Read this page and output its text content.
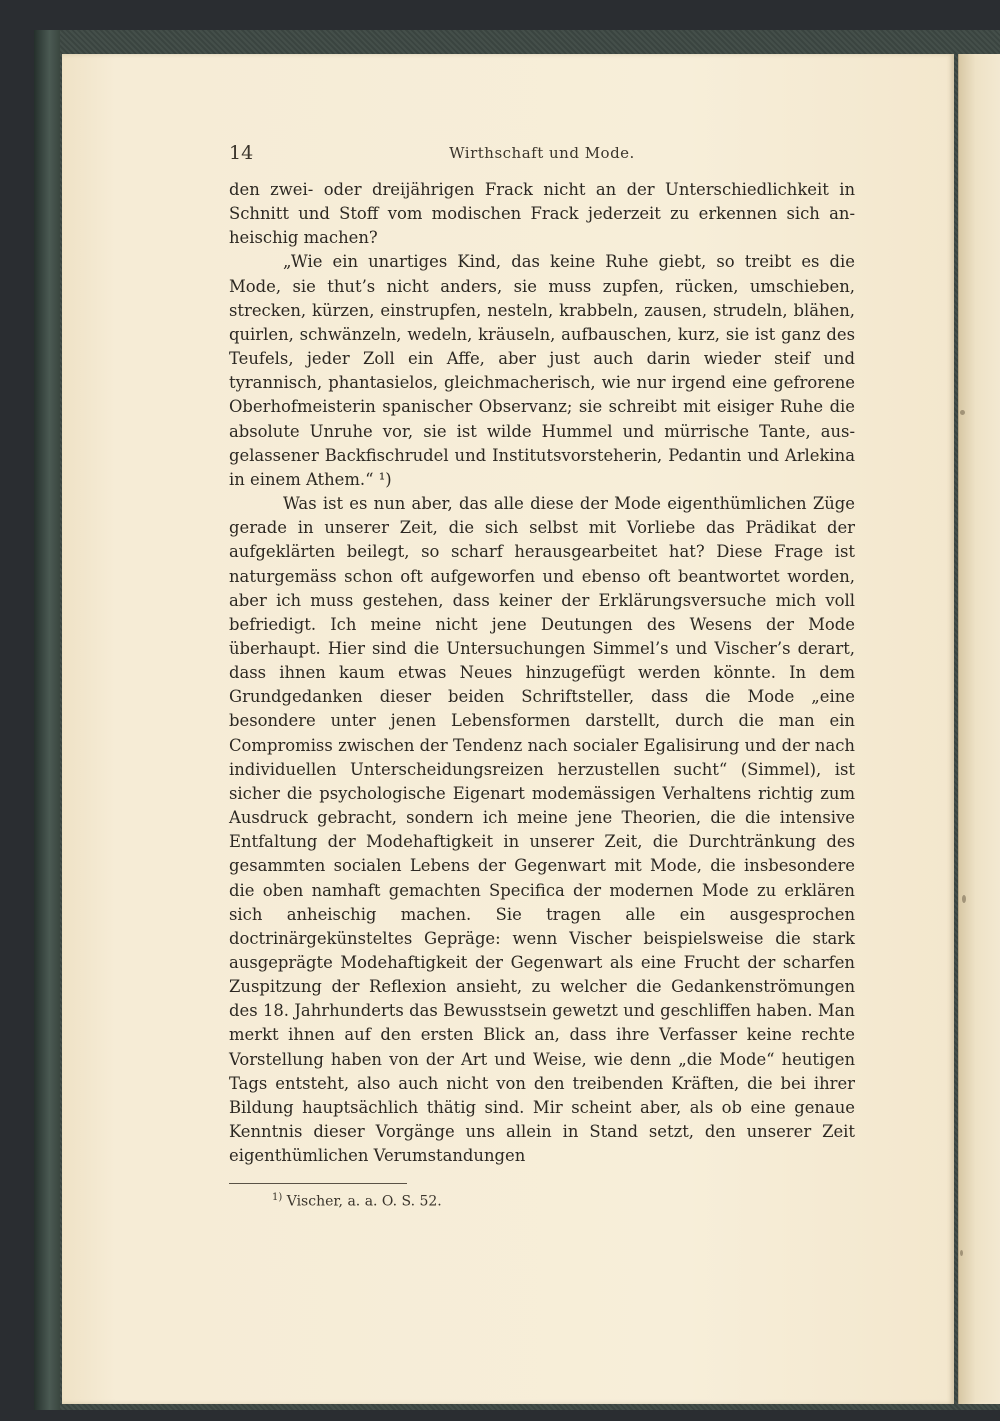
14	Wirthschaft und Mode.

den zwei- oder dreijährigen Frack nicht an der Unterschiedlichkeit in Schnitt und Stoff vom modischen Frack jederzeit zu erkennen sich anheischig machen?

„Wie ein unartiges Kind, das keine Ruhe giebt, so treibt es die Mode, sie thut’s nicht anders, sie muss zupfen, rücken, umschieben, strecken, kürzen, einstrupfen, nesteln, krabbeln, zausen, strudeln, blähen, quirlen, schwänzeln, wedeln, kräuseln, aufbauschen, kurz, sie ist ganz des Teufels, jeder Zoll ein Affe, aber just auch darin wieder steif und tyrannisch, phantasielos, gleichmacherisch, wie nur irgend eine gefrorene Oberhofmeisterin spanischer Observanz; sie schreibt mit eisiger Ruhe die absolute Unruhe vor, sie ist wilde Hummel und mürrische Tante, ausgelassener Backfischrudel und Institutsvorsteherin, Pedantin und Arlekina in einem Athem.“ ¹)

Was ist es nun aber, das alle diese der Mode eigenthümlichen Züge gerade in unserer Zeit, die sich selbst mit Vorliebe das Prädikat der aufgeklärten beilegt, so scharf herausgearbeitet hat? Diese Frage ist naturgemäss schon oft aufgeworfen und ebenso oft beantwortet worden, aber ich muss gestehen, dass keiner der Erklärungsversuche mich voll befriedigt. Ich meine nicht jene Deutungen des Wesens der Mode überhaupt. Hier sind die Untersuchungen Simmel’s und Vischer’s derart, dass ihnen kaum etwas Neues hinzugefügt werden könnte. In dem Grundgedanken dieser beiden Schriftsteller, dass die Mode „eine besondere unter jenen Lebensformen darstellt, durch die man ein Compromiss zwischen der Tendenz nach socialer Egalisirung und der nach individuellen Unterscheidungsreizen herzustellen sucht“ (Simmel), ist sicher die psychologische Eigenart modemässigen Verhaltens richtig zum Ausdruck gebracht, sondern ich meine jene Theorien, die die intensive Entfaltung der Modehaftigkeit in unserer Zeit, die Durchtränkung des gesammten socialen Lebens der Gegenwart mit Mode, die insbesondere die oben namhaft gemachten Specifica der modernen Mode zu erklären sich anheischig machen. Sie tragen alle ein ausgesprochen doctrinärgekünsteltes Gepräge: wenn Vischer beispielsweise die stark ausgeprägte Modehaftigkeit der Gegenwart als eine Frucht der scharfen Zuspitzung der Reflexion ansieht, zu welcher die Gedankenströmungen des 18. Jahrhunderts das Bewusstsein gewetzt und geschliffen haben. Man merkt ihnen auf den ersten Blick an, dass ihre Verfasser keine rechte Vorstellung haben von der Art und Weise, wie denn „die Mode“ heutigen Tags entsteht, also auch nicht von den treibenden Kräften, die bei ihrer Bildung hauptsächlich thätig sind. Mir scheint aber, als ob eine genaue Kenntnis dieser Vorgänge uns allein in Stand setzt, den unserer Zeit eigenthümlichen Verumstandungen

$^{1)}$ Vischer, a. a. O. S. 52.
